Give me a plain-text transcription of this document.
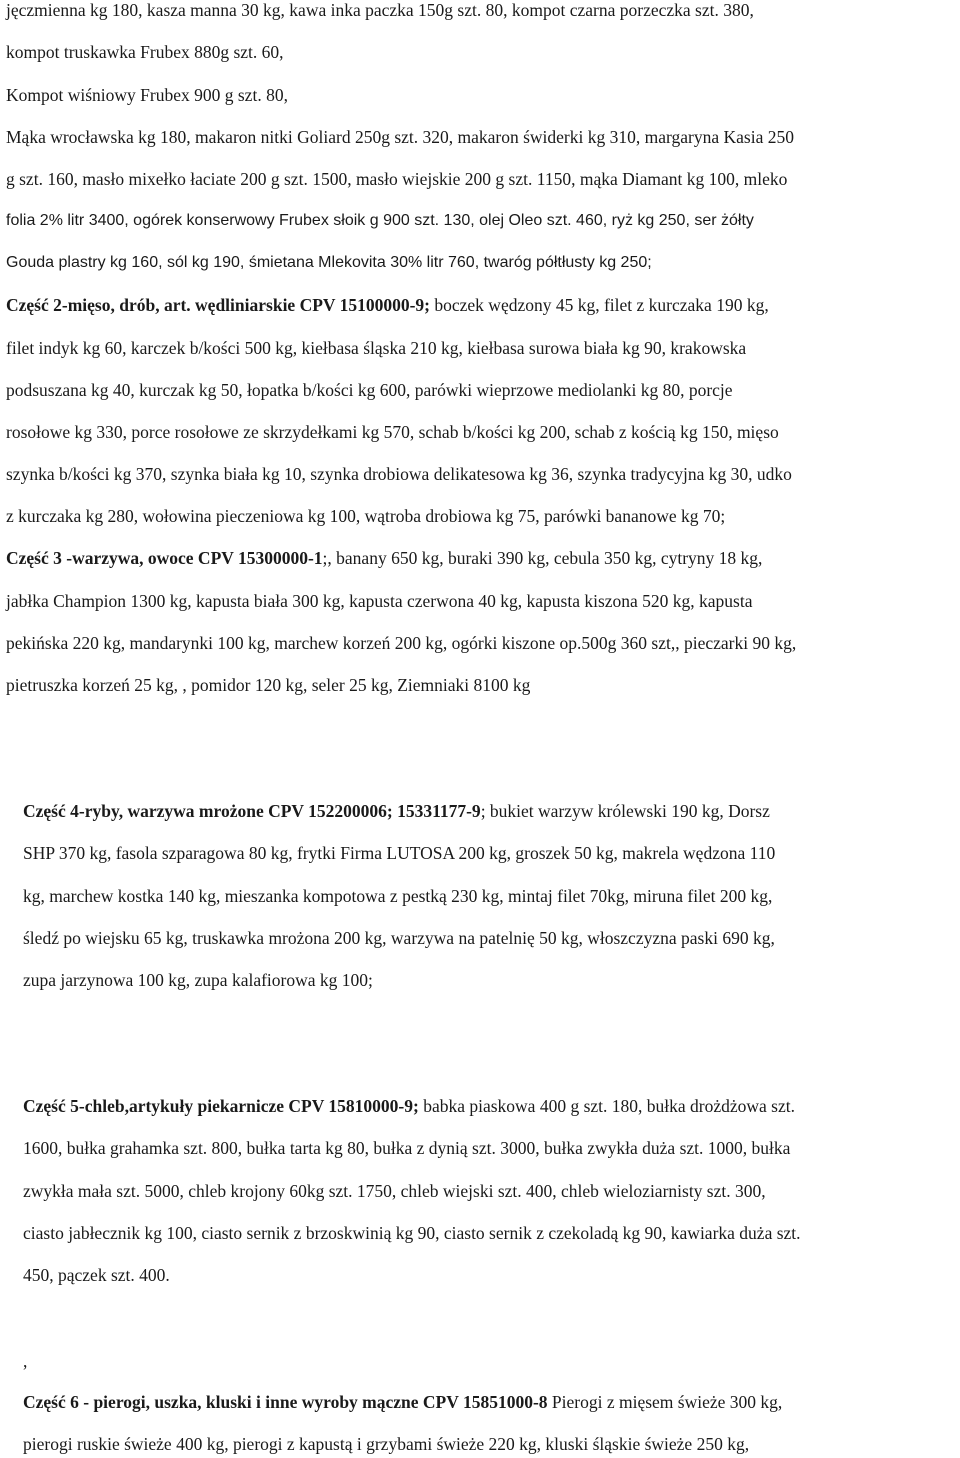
jęczmienna kg 180, kasza manna 30 kg, kawa inka paczka 150g szt. 80, kompot czarna porzeczka szt. 380,
kompot truskawka Frubex 880g szt. 60,
Kompot wiśniowy Frubex 900 g szt. 80,
Mąka wrocławska kg 180, makaron nitki Goliard 250g szt. 320, makaron świderki kg 310, margaryna Kasia 250
g szt. 160, masło mixełko łaciate 200 g szt. 1500, masło wiejskie 200 g szt. 1150, mąka Diamant kg 100, mleko
folia 2% litr 3400, ogórek konserwowy Frubex słoik g 900 szt. 130, olej Oleo szt. 460, ryż kg 250, ser żółty
Gouda plastry kg 160, sól kg 190, śmietana Mlekovita 30% litr 760, twaróg półtłusty kg 250;
Część 2-mięso, drób, art. wędliniarskie CPV 15100000-9; boczek wędzony 45 kg, filet z kurczaka 190 kg,
filet indyk kg 60, karczek b/kości 500 kg, kiełbasa śląska 210 kg, kiełbasa surowa biała kg 90, krakowska
podsuszana kg 40, kurczak kg 50, łopatka b/kości kg 600, parówki wieprzowe mediolanki kg 80, porcje
rosołowe kg 330, porce rosołowe ze skrzydełkami kg 570, schab b/kości kg 200, schab z kością kg 150, mięso
szynka b/kości kg 370, szynka biała kg 10, szynka drobiowa delikatesowa kg 36, szynka tradycyjna kg 30, udko
z kurczaka kg 280, wołowina pieczeniowa kg 100, wątroba drobiowa kg 75, parówki bananowe kg 70;
Część 3 -warzywa, owoce CPV 15300000-1;, banany 650 kg, buraki 390 kg, cebula 350 kg, cytryny 18 kg,
jabłka Champion 1300 kg, kapusta biała 300 kg, kapusta czerwona 40 kg, kapusta kiszona 520 kg, kapusta
pekińska 220 kg, mandarynki 100 kg, marchew korzeń 200 kg, ogórki kiszone op.500g 360 szt,, pieczarki 90 kg,
pietruszka korzeń 25 kg, , pomidor 120 kg, seler 25 kg, Ziemniaki 8100 kg
Część 4-ryby, warzywa mrożone CPV 152200006; 15331177-9; bukiet warzyw królewski 190 kg, Dorsz
SHP 370 kg, fasola szparagowa 80 kg, frytki Firma LUTOSA 200 kg, groszek 50 kg, makrela wędzona 110
kg, marchew kostka 140 kg, mieszanka kompotowa z pestką 230 kg, mintaj filet 70kg, miruna filet 200 kg,
śledź po wiejsku 65 kg, truskawka mrożona 200 kg, warzywa na patelnię 50 kg, włoszczyzna paski 690 kg,
zupa jarzynowa 100 kg, zupa kalafiorowa kg 100;
Część 5-chleb,artykuły piekarnicze CPV 15810000-9; babka piaskowa 400 g szt. 180, bułka drożdżowa szt.
1600, bułka grahamka szt. 800, bułka tarta kg 80, bułka z dynią szt. 3000, bułka zwykła duża szt. 1000, bułka
zwykła mała szt. 5000, chleb krojony 60kg szt. 1750, chleb wiejski szt. 400, chleb wieloziarnisty szt. 300,
ciasto jabłecznik kg 100, ciasto sernik z brzoskwinią kg 90, ciasto sernik z czekoladą kg 90, kawiarka duża szt.
450, pączek szt. 400.
,
Część 6 - pierogi, uszka, kluski i inne wyroby mączne CPV 15851000-8 Pierogi z mięsem świeże 300 kg,
pierogi ruskie świeże 400 kg, pierogi z kapustą i grzybami świeże 220 kg, kluski śląskie świeże 250 kg,
